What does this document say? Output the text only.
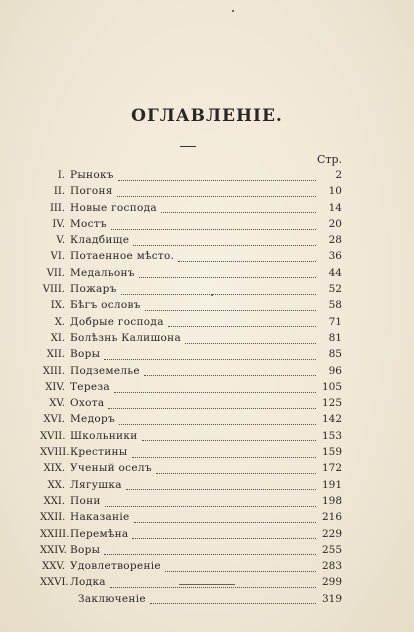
ОГЛАВЛЕНІЕ.
Стр.
I. Рынокъ	2
II. Погоня	10
III. Новые господа	14
IV. Мостъ	20
V. Кладбище	28
VI. Потаенное мѣсто.	36
VII. Медальонъ	44
VIII. Пожаръ	52
IX. Бѣгъ ословъ	58
X. Добрые господа	71
XI. Болѣзнь Калишона	81
XII. Воры	85
XIII. Подземелье	96
XIV. Тереза	105
XV. Охота	125
XVI. Медоръ	142
XVII. Школьники	153
XVIII. Крестины	159
XIX. Ученый оселъ	172
XX. Лягушка	191
XXI. Пони	198
XXII. Наказаніе	216
XXIII. Перемѣна	229
XXIV. Воры	255
XXV. Удовлетвореніе	283
XXVI. Лодка	299
Заключеніе	319
